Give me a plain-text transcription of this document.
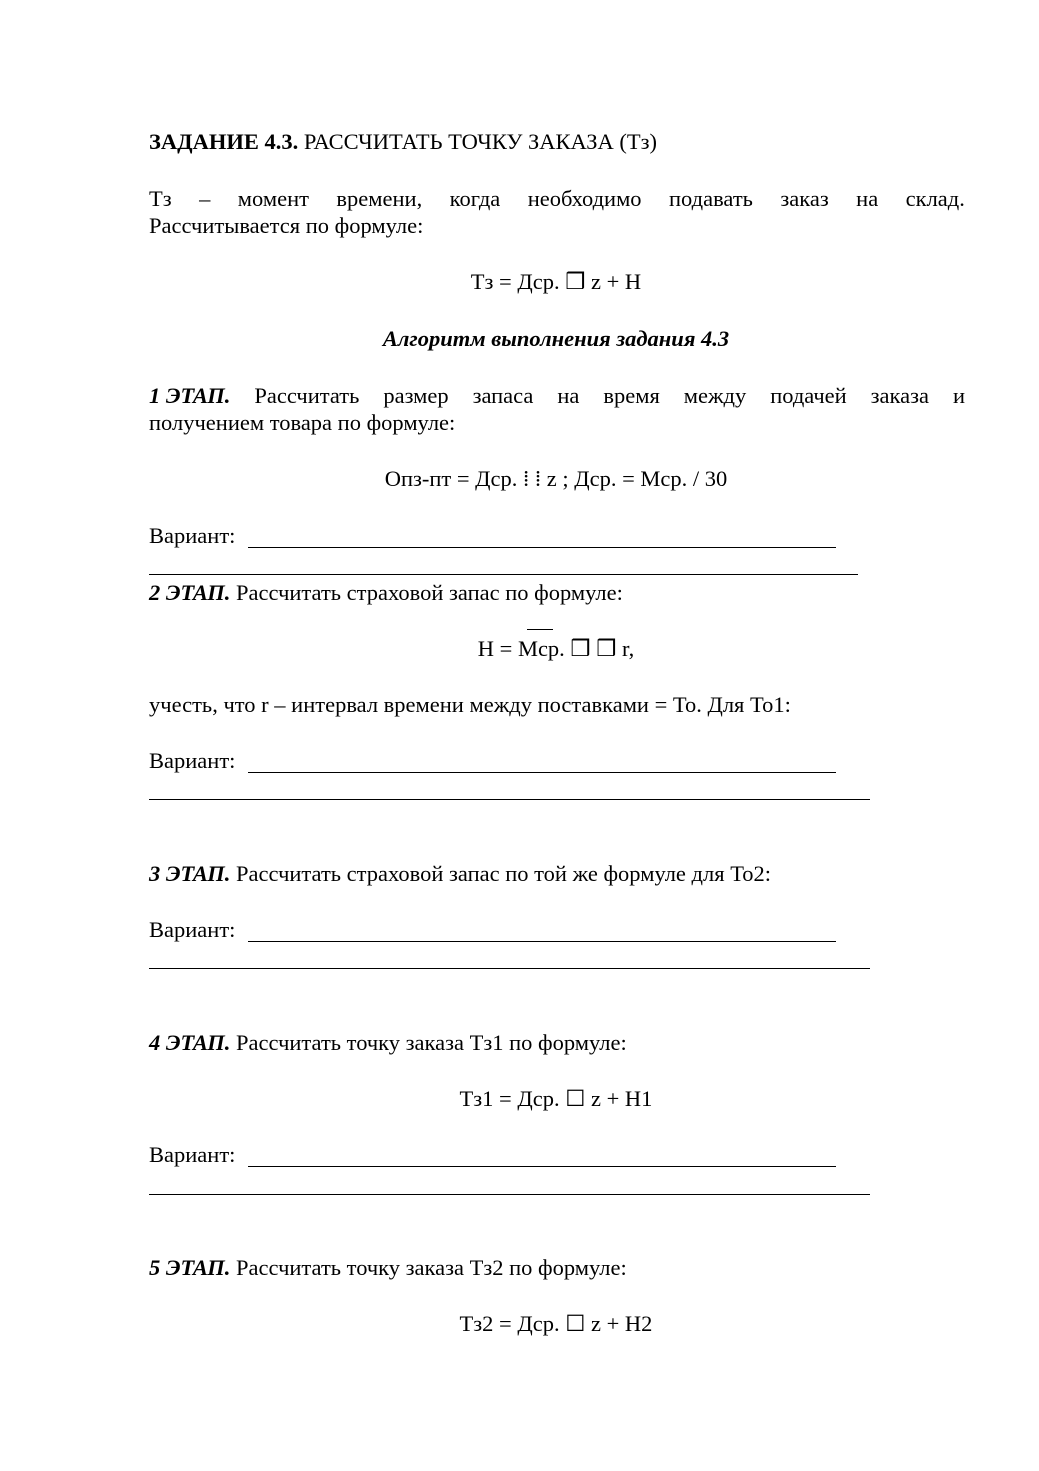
ЗАДАНИЕ 4.3. РАССЧИТАТЬ ТОЧКУ ЗАКАЗА (Тз)
Тз – момент времени, когда необходимо подавать заказ на склад.
Рассчитывается по формуле:
Тз = Дср. ❒ z + Н
Алгоритм выполнения задания 4.3
1 ЭТАП. Рассчитать размер запаса на время между подачей заказа и
получением товара по формуле:
Опз-пт = Дср. ⁞ ⁞ z ; Дср. = Мср. / 30
Вариант:
2 ЭТАП. Рассчитать страховой запас по формуле:
Н = Мср. ❒ ❒ r,
учесть, что r – интервал времени между поставками = То. Для То1:
Вариант:
3 ЭТАП. Рассчитать страховой запас по той же формуле для То2:
Вариант:
4 ЭТАП. Рассчитать точку заказа Тз1 по формуле:
Тз1 = Дср. ☐ z + Н1
Вариант:
5 ЭТАП. Рассчитать точку заказа Тз2 по формуле:
Тз2 = Дср. ☐ z + Н2
